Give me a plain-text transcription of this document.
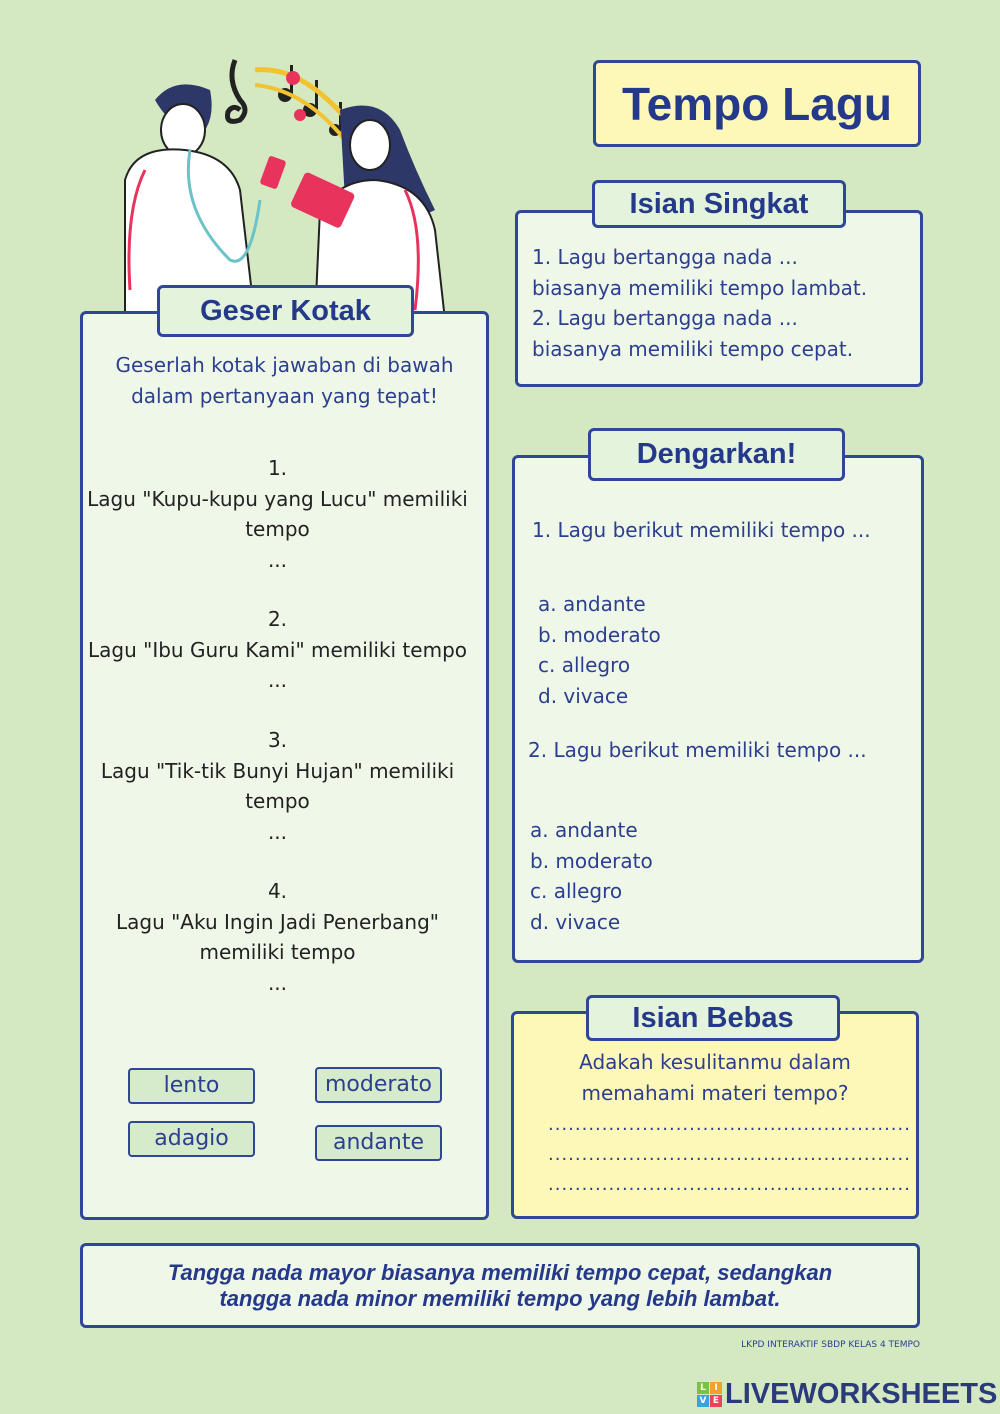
Tempo Lagu
Geser Kotak
Geserlah kotak jawaban di bawah
dalam pertanyaan yang tepat!
1.
Lagu "Kupu-kupu yang Lucu" memiliki
tempo
...
2.
Lagu "Ibu Guru Kami" memiliki tempo
...
3.
Lagu "Tik-tik Bunyi Hujan" memiliki
tempo
...
4.
Lagu "Aku Ingin Jadi Penerbang"
memiliki tempo
...
lento	moderato
adagio	andante
Isian Singkat
1. Lagu bertangga nada ...
biasanya memiliki tempo lambat.
2. Lagu bertangga nada ...
biasanya memiliki tempo cepat.
Dengarkan!
1. Lagu berikut memiliki tempo ...
a. andante
b. moderato
c. allegro
d. vivace
2. Lagu berikut memiliki tempo ...
a. andante
b. moderato
c. allegro
d. vivace
Isian Bebas
Adakah kesulitanmu dalam
memahami materi tempo?
......................................................
......................................................
......................................................
Tangga nada mayor biasanya memiliki tempo cepat, sedangkan
tangga nada minor memiliki tempo yang lebih lambat.
LKPD INTERAKTIF SBDP KELAS 4 TEMPO
L I
V E LIVEWORKSHEETS
